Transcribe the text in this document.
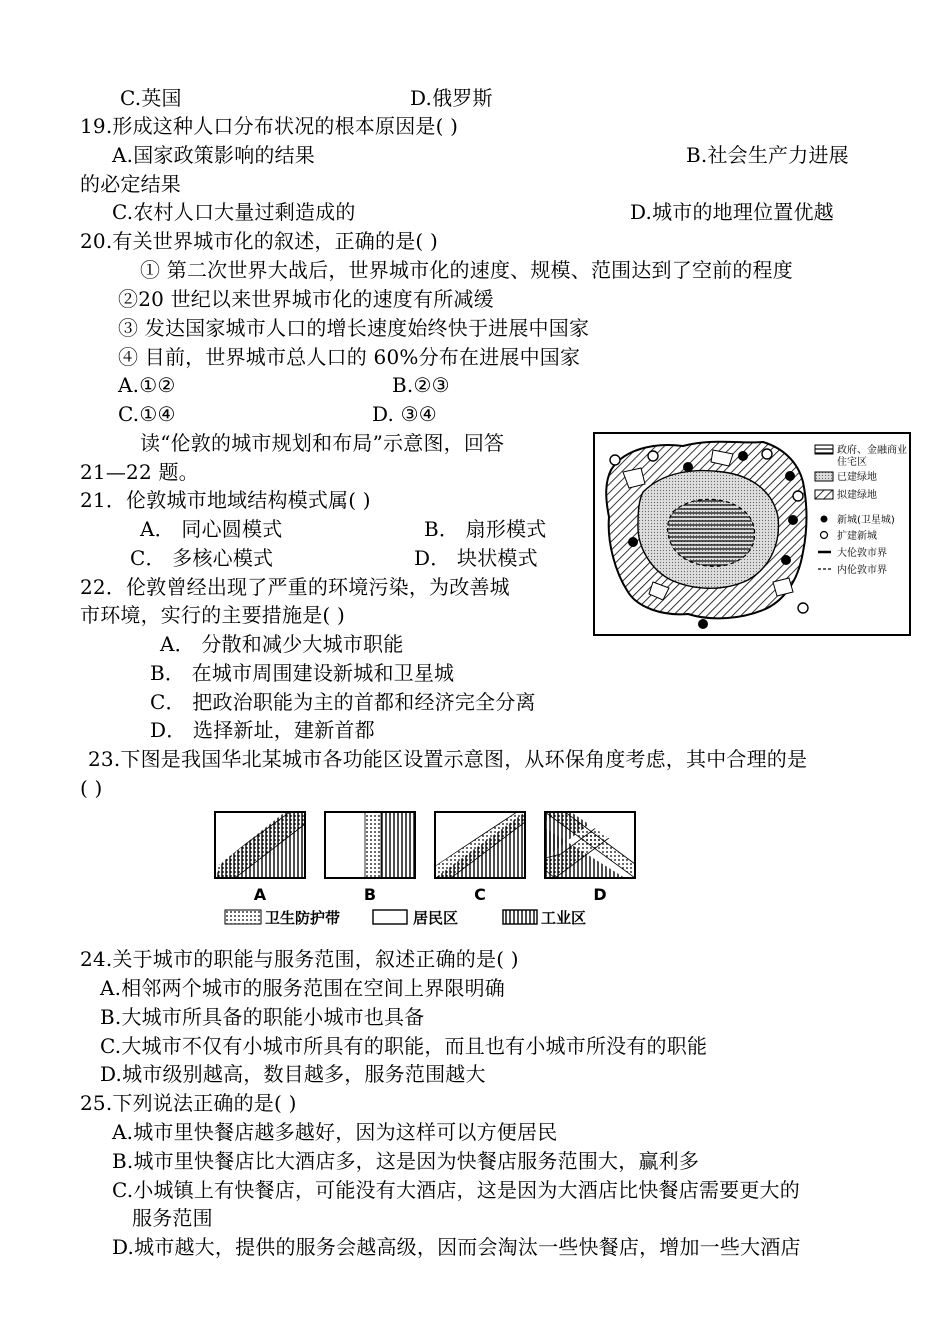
C.英国	D.俄罗斯
19.形成这种人口分布状况的根本原因是( )
A.国家政策影响的结果	B.社会生产力进展
的必定结果
C.农村人口大量过剩造成的	D.城市的地理位置优越
20.有关世界城市化的叙述，正确的是( )
① 第二次世界大战后，世界城市化的速度、规模、范围达到了空前的程度
②20 世纪以来世界城市化的速度有所减缓
③ 发达国家城市人口的增长速度始终快于进展中国家
④ 目前，世界城市总人口的 60%分布在进展中国家
A.①②	B.②③
C.①④	D. ③④
读“伦敦的城市规划和布局”示意图，回答
21—22 题。
21．伦敦城市地域结构模式属( )
A． 同心圆模式	B． 扇形模式
C． 多核心模式	D． 块状模式
22．伦敦曾经出现了严重的环境污染，为改善城
市环境，实行的主要措施是( )
A． 分散和减少大城市职能
B． 在城市周围建设新城和卫星城
C． 把政治职能为主的首都和经济完全分离
D． 选择新址，建新首都
政府、金融商业
住宅区
已建绿地
拟建绿地
新城(卫星城)
扩建新城
大伦敦市界
内伦敦市界
23.下图是我国华北某城市各功能区设置示意图，从环保角度考虑，其中合理的是
( )
A	B	C	D
卫生防护带	居民区	工业区
24.关于城市的职能与服务范围，叙述正确的是( )
A.相邻两个城市的服务范围在空间上界限明确
B.大城市所具备的职能小城市也具备
C.大城市不仅有小城市所具有的职能，而且也有小城市所没有的职能
D.城市级别越高，数目越多，服务范围越大
25.下列说法正确的是( )
A.城市里快餐店越多越好，因为这样可以方便居民
B.城市里快餐店比大酒店多，这是因为快餐店服务范围大，赢利多
C.小城镇上有快餐店，可能没有大酒店，这是因为大酒店比快餐店需要更大的
服务范围
D.城市越大，提供的服务会越高级，因而会淘汰一些快餐店，增加一些大酒店
